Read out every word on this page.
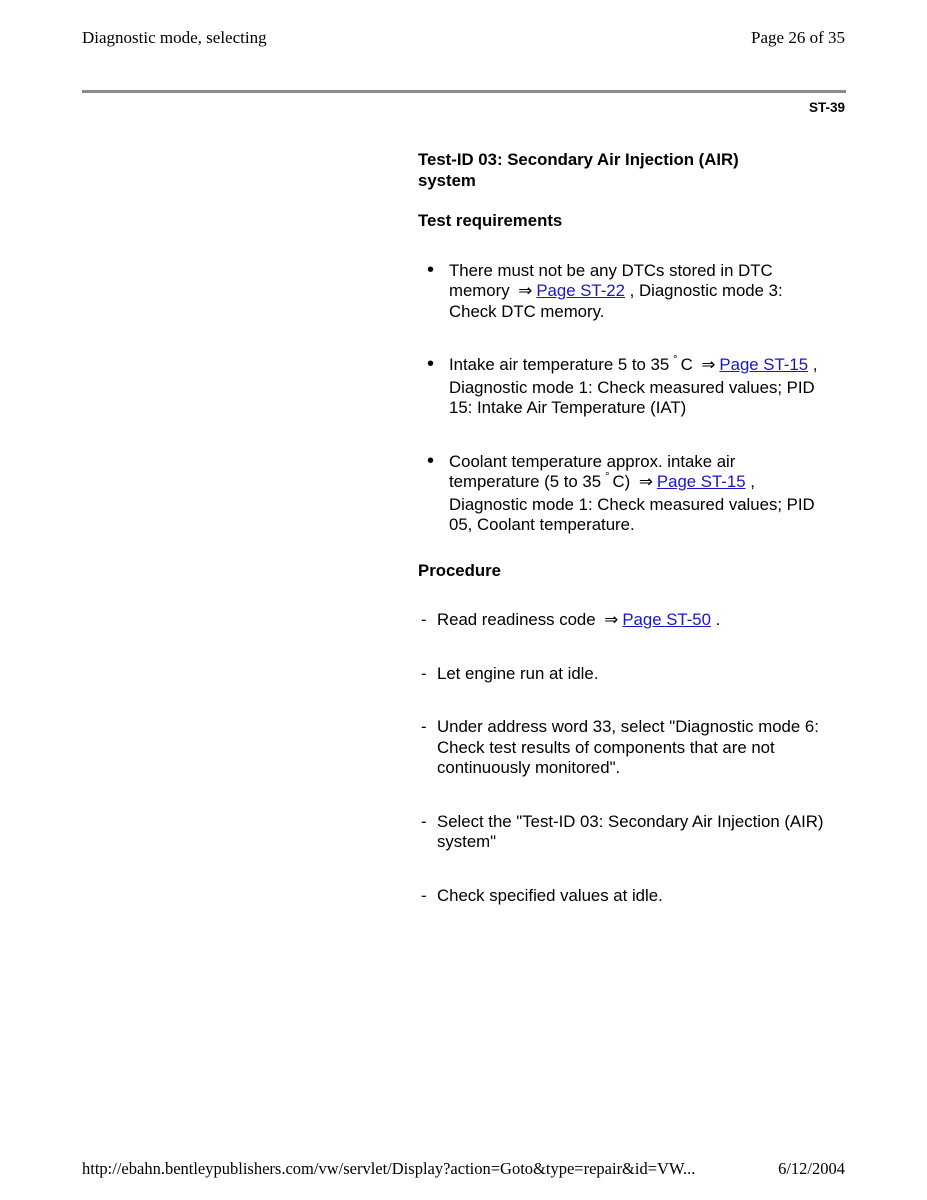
Diagnostic mode, selecting	Page 26 of 35
ST-39

Test-ID 03: Secondary Air Injection (AIR)
system

Test requirements

• There must not be any DTCs stored in DTC memory ⇒ Page ST-22 , Diagnostic mode 3: Check DTC memory.
• Intake air temperature 5 to 35 ° C ⇒ Page ST-15 , Diagnostic mode 1: Check measured values; PID 15: Intake Air Temperature (IAT)
• Coolant temperature approx. intake air temperature (5 to 35 ° C) ⇒ Page ST-15 , Diagnostic mode 1: Check measured values; PID 05, Coolant temperature.

Procedure

- Read readiness code ⇒ Page ST-50 .
- Let engine run at idle.
- Under address word 33, select "Diagnostic mode 6: Check test results of components that are not continuously monitored".
- Select the "Test-ID 03: Secondary Air Injection (AIR) system"
- Check specified values at idle.
http://ebahn.bentleypublishers.com/vw/servlet/Display?action=Goto&type=repair&id=VW...	6/12/2004
